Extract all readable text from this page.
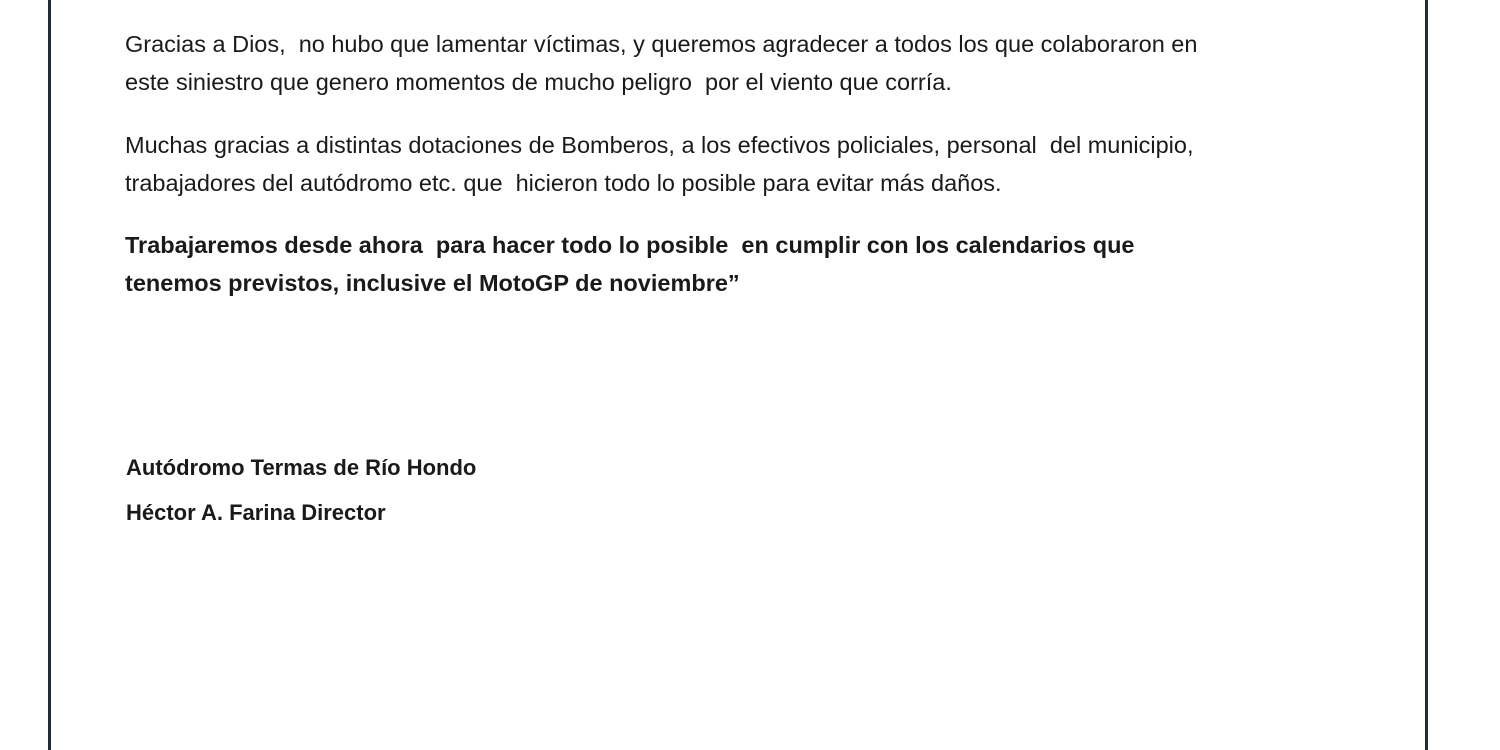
Gracias a Dios,  no hubo que lamentar víctimas, y queremos agradecer a todos los que colaboraron en

este siniestro que genero momentos de mucho peligro  por el viento que corría.

Muchas gracias a distintas dotaciones de Bomberos, a los efectivos policiales, personal  del municipio,

trabajadores del autódromo etc. que  hicieron todo lo posible para evitar más daños.

Trabajaremos desde ahora  para hacer todo lo posible  en cumplir con los calendarios que

tenemos previstos, inclusive el MotoGP de noviembre”

Autódromo Termas de Río Hondo

Héctor A. Farina Director
